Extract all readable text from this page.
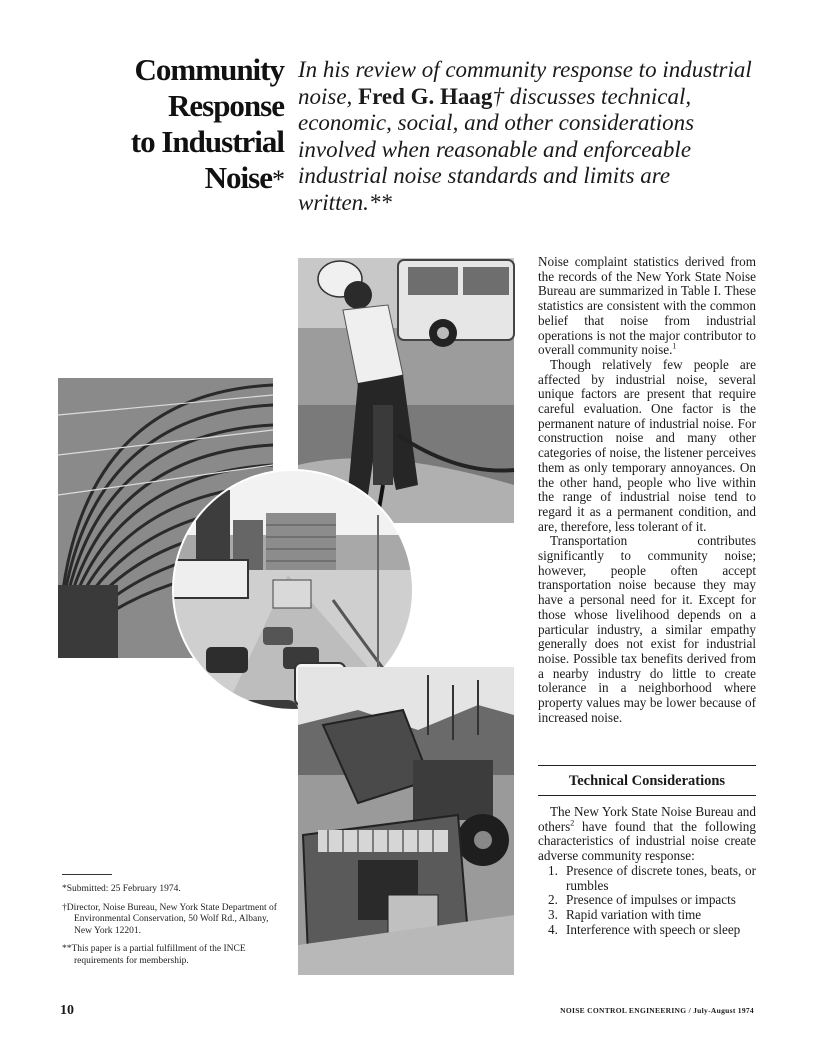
Community
Response
to Industrial
Noise*
In his review of community response to industrial noise, Fred G. Haag† discusses technical, economic, social, and other considerations involved when reasonable and enforceable industrial noise standards and limits are written.**

Noise complaint statistics derived from the records of the New York State Noise Bureau are summarized in Table I. These statistics are consistent with the common belief that noise from industrial operations is not the major contributor to overall community noise.$^1$

Though relatively few people are affected by industrial noise, several unique factors are present that require careful evaluation. One factor is the permanent nature of industrial noise. For construction noise and many other categories of noise, the listener perceives them as only temporary annoyances. On the other hand, people who live within the range of industrial noise tend to regard it as a permanent condition, and are, therefore, less tolerant of it.

Transportation contributes significantly to community noise; however, people often accept transportation noise because they may have a personal need for it. Except for those whose livelihood depends on a particular industry, a similar empathy generally does not exist for industrial noise. Possible tax benefits derived from a nearby industry do little to create tolerance in a neighborhood where property values may be lower because of increased noise.

Technical Considerations

The New York State Noise Bureau and others$^2$ have found that the following characteristics of industrial noise create adverse community response:

1. Presence of discrete tones, beats, or rumbles
2. Presence of impulses or impacts
3. Rapid variation with time
4. Interference with speech or sleep

*Submitted: 25 February 1974.

†Director, Noise Bureau, New York State Department of Environmental Conservation, 50 Wolf Rd., Albany, New York 12201.

**This paper is a partial fulfillment of the INCE requirements for membership.

10	NOISE CONTROL ENGINEERING / July-August 1974
